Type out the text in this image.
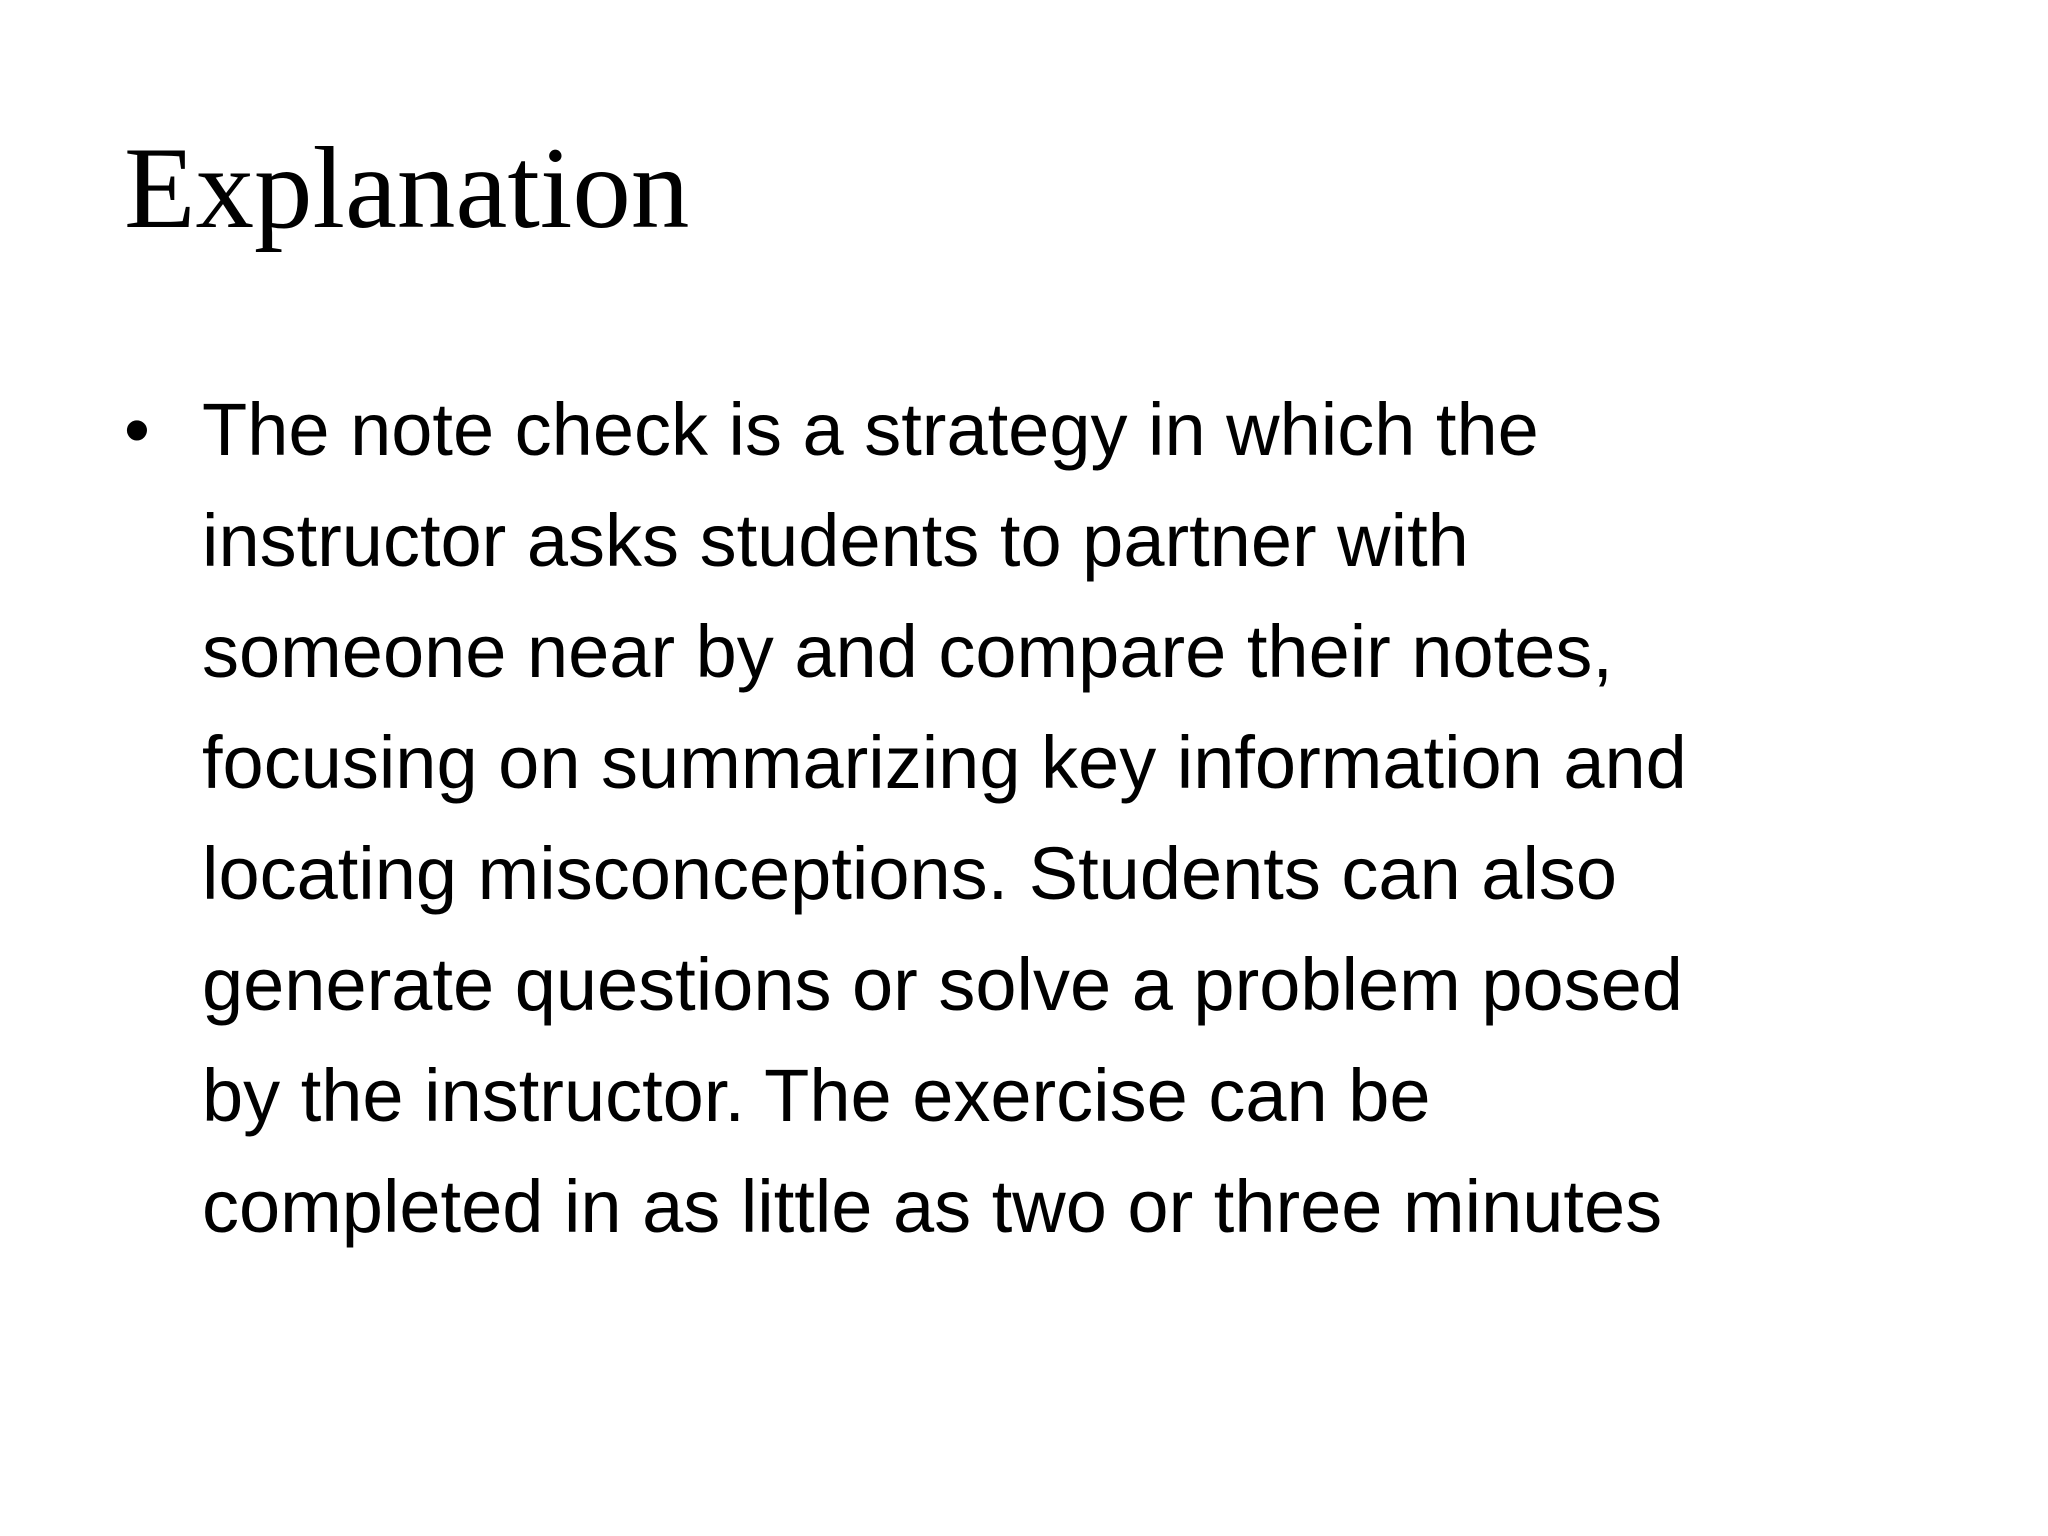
Explanation
• The note check is a strategy in which the
instructor asks students to partner with
someone near by and compare their notes,
focusing on summarizing key information and
locating misconceptions. Students can also
generate questions or solve a problem posed
by the instructor. The exercise can be
completed in as little as two or three minutes
